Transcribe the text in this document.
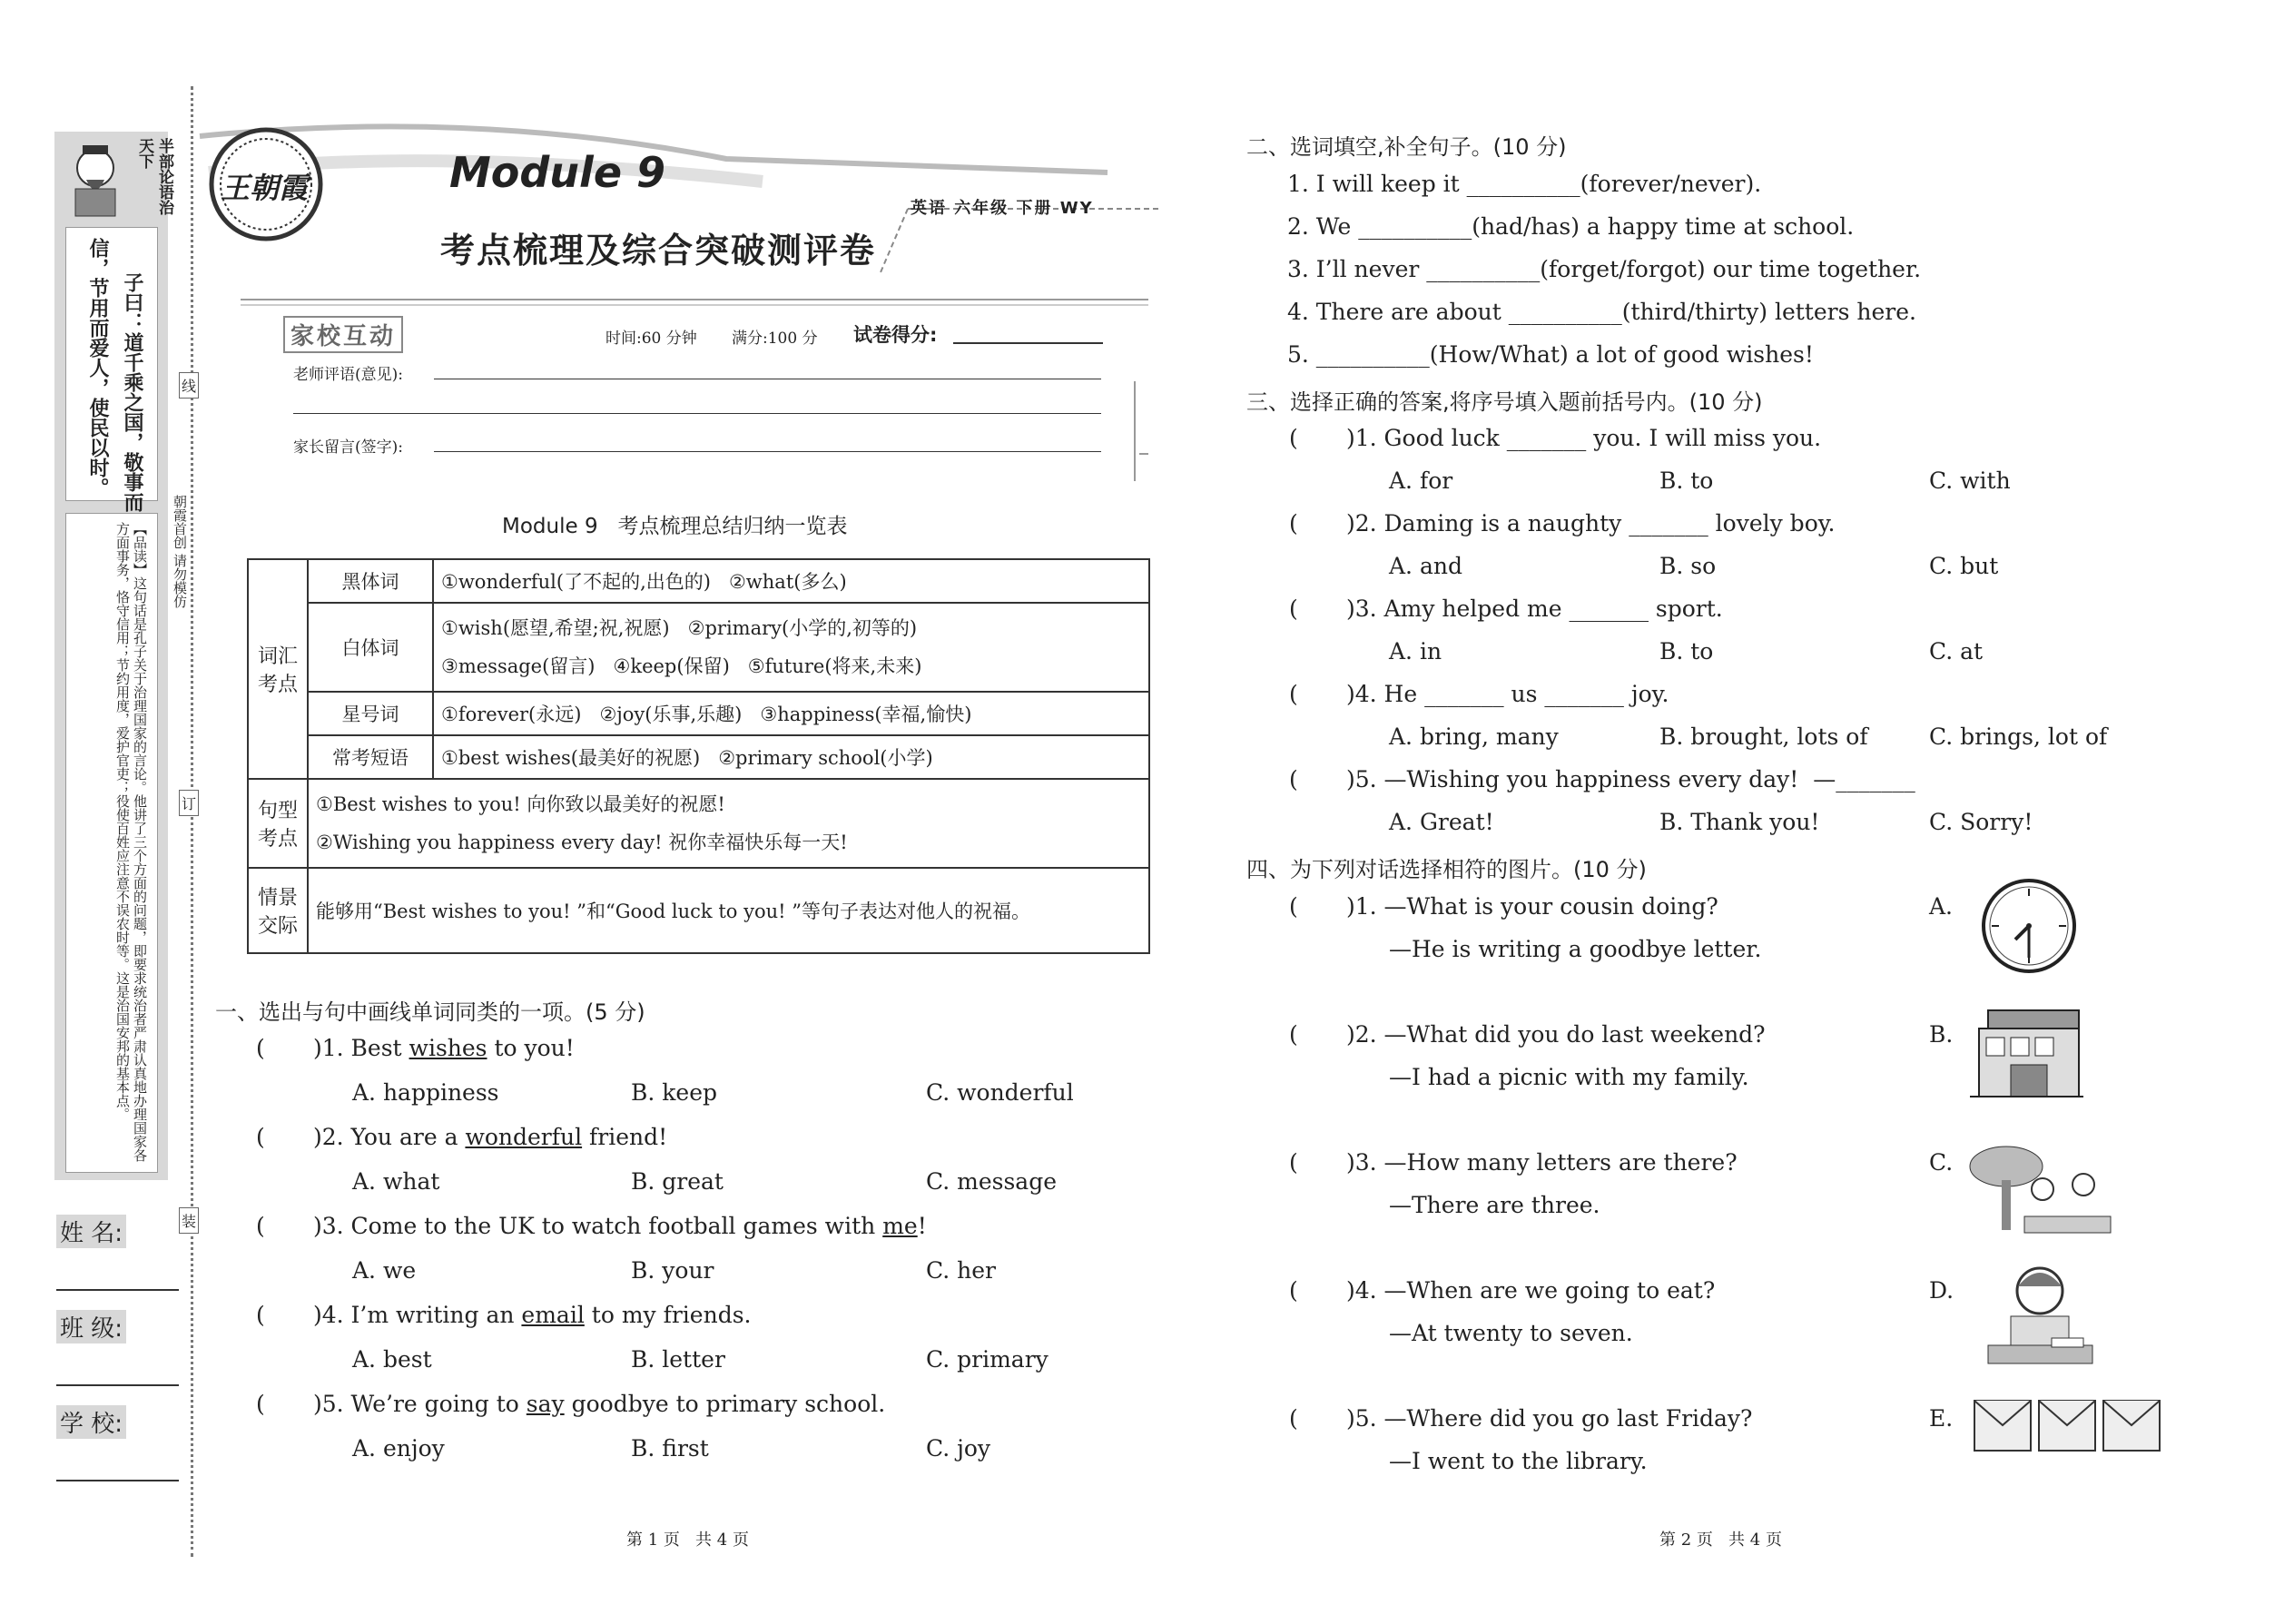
半部论语治天下
子曰：道千乘之国，敬事而
信，节用而爱人，使民以时。
【品读】这句话是孔子关于治理国家的言论。他讲了三个方面的问题，即要求统治者严肃认真地办理国家各方面事务，恪守信用；节约用度，爱护官吏；役使百姓应注意不误农时等。这是治国安邦的基本点。
线
订
装
朝霞首创 请勿模仿
姓 名:
班 级:
学 校:
王朝霞	Module 9
考点梳理及综合突破测评卷
英语 六年级 下册 WY
家校互动	时间:60 分钟 满分:100 分 试卷得分:
老师评语(意见):
家长留言(签字):
Module 9   考点梳理总结归纳一览表
词汇考点	黑体词	①wonderful(了不起的,出色的)   ②what(多么)
	白体词	①wish(愿望,希望;祝,祝愿)   ②primary(小学的,初等的)
③message(留言)   ④keep(保留)   ⑤future(将来,未来)

	星号词	①forever(永远)   ②joy(乐事,乐趣)   ③happiness(幸福,愉快)
	常考短语	①best wishes(最美好的祝愿)   ②primary school(小学)
句型考点	①Best wishes to you! 向你致以最美好的祝愿!
②Wishing you happiness every day! 祝你幸福快乐每一天!	

情景交际	能够用“Best wishes to you! ”和“Good luck to you! ”等句子表达对他人的祝福。	
一、选出与句中画线单词同类的一项。(5 分)
( )1. Best wishes to you!
A. happiness	B. keep	C. wonderful
( )2. You are a wonderful friend!
A. what	B. great	C. message
( )3. Come to the UK to watch football games with me!
A. we	B. your	C. her
( )4. I’m writing an email to my friends.
A. best	B. letter	C. primary
( )5. We’re going to say goodbye to primary school.
A. enjoy	B. first	C. joy
二、选词填空,补全句子。(10 分)
1. I will keep it __________(forever/never).
2. We __________(had/has) a happy time at school.
3. I’ll never __________(forget/forgot) our time together.
4. There are about __________(third/thirty) letters here.
5. __________(How/What) a lot of good wishes!
三、选择正确的答案,将序号填入题前括号内。(10 分)
( )1. Good luck _______ you. I will miss you.
A. for	B. to	C. with
( )2. Daming is a naughty _______ lovely boy.
A. and	B. so	C. but
( )3. Amy helped me _______ sport.
A. in	B. to	C. at
( )4. He _______ us _______ joy.
A. bring, many	B. brought, lots of	C. brings, lot of
( )5. —Wishing you happiness every day!  —_______
A. Great!	B. Thank you!	C. Sorry!
四、为下列对话选择相符的图片。(10 分)
( )1. —What is your cousin doing?
—He is writing a goodbye letter.
A.
( )2. —What did you do last weekend?
—I had a picnic with my family.
B.
( )3. —How many letters are there?
—There are three.
C.
( )4. —When are we going to eat?
—At twenty to seven.
D.
( )5. —Where did you go last Friday?
—I went to the library.
E.
第 1 页   共 4 页	第 2 页   共 4 页
